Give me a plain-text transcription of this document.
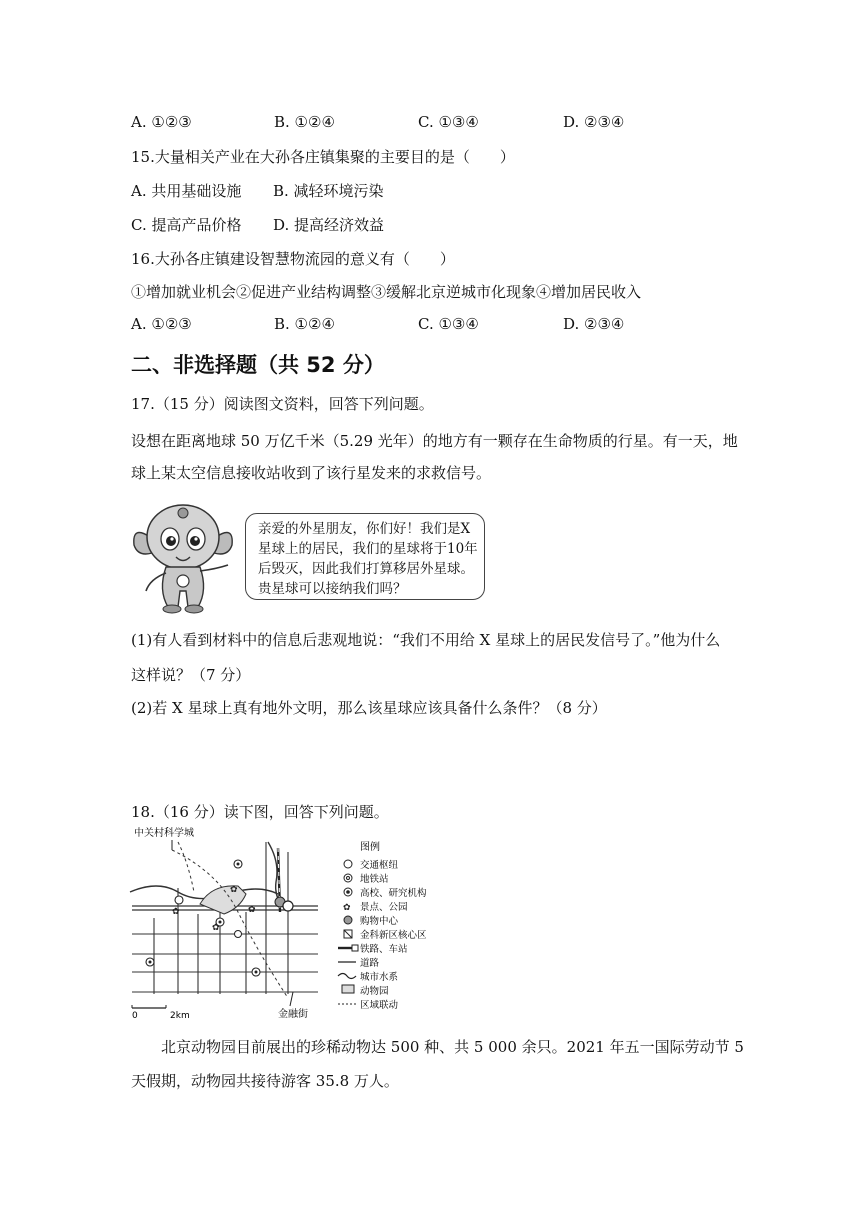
A. ①②③	B. ①②④	C. ①③④	D. ②③④
15.大量相关产业在大孙各庄镇集聚的主要目的是（　　）
A. 共用基础设施 B. 减轻环境污染
C. 提高产品价格 D. 提高经济效益
16.大孙各庄镇建设智慧物流园的意义有（　　）
①增加就业机会②促进产业结构调整③缓解北京逆城市化现象④增加居民收入
A. ①②③	B. ①②④	C. ①③④	D. ②③④
二、非选择题（共 52 分）
17.（15 分）阅读图文资料，回答下列问题。
设想在距离地球 50 万亿千米（5.29 光年）的地方有一颗存在生命物质的行星。有一天，地
球上某太空信息接收站收到了该行星发来的求救信号。

亲爱的外星朋友，你们好！我们是X星球上的居民，我们的星球将于10年后毁灭，因此我们打算移居外星球。贵星球可以接纳我们吗？

(1)有人看到材料中的信息后悲观地说：“我们不用给 X 星球上的居民发信号了。”他为什么
这样说？（7 分）
(2)若 X 星球上真有地外文明，那么该星球应该具备什么条件？（8 分）
18.（16 分）读下图，回答下列问题。
中关村科学城
✿
✿
✿
✿
金融街
0	2km
图例
交通枢纽
地铁站
高校、研究机构
✿ 景点、公园
购物中心
金科新区核心区
铁路、车站
道路
城市水系
动物园
区域联动
北京动物园目前展出的珍稀动物达 500 种、共 5 000 余只。2021 年五一国际劳动节 5
天假期，动物园共接待游客 35.8 万人。
